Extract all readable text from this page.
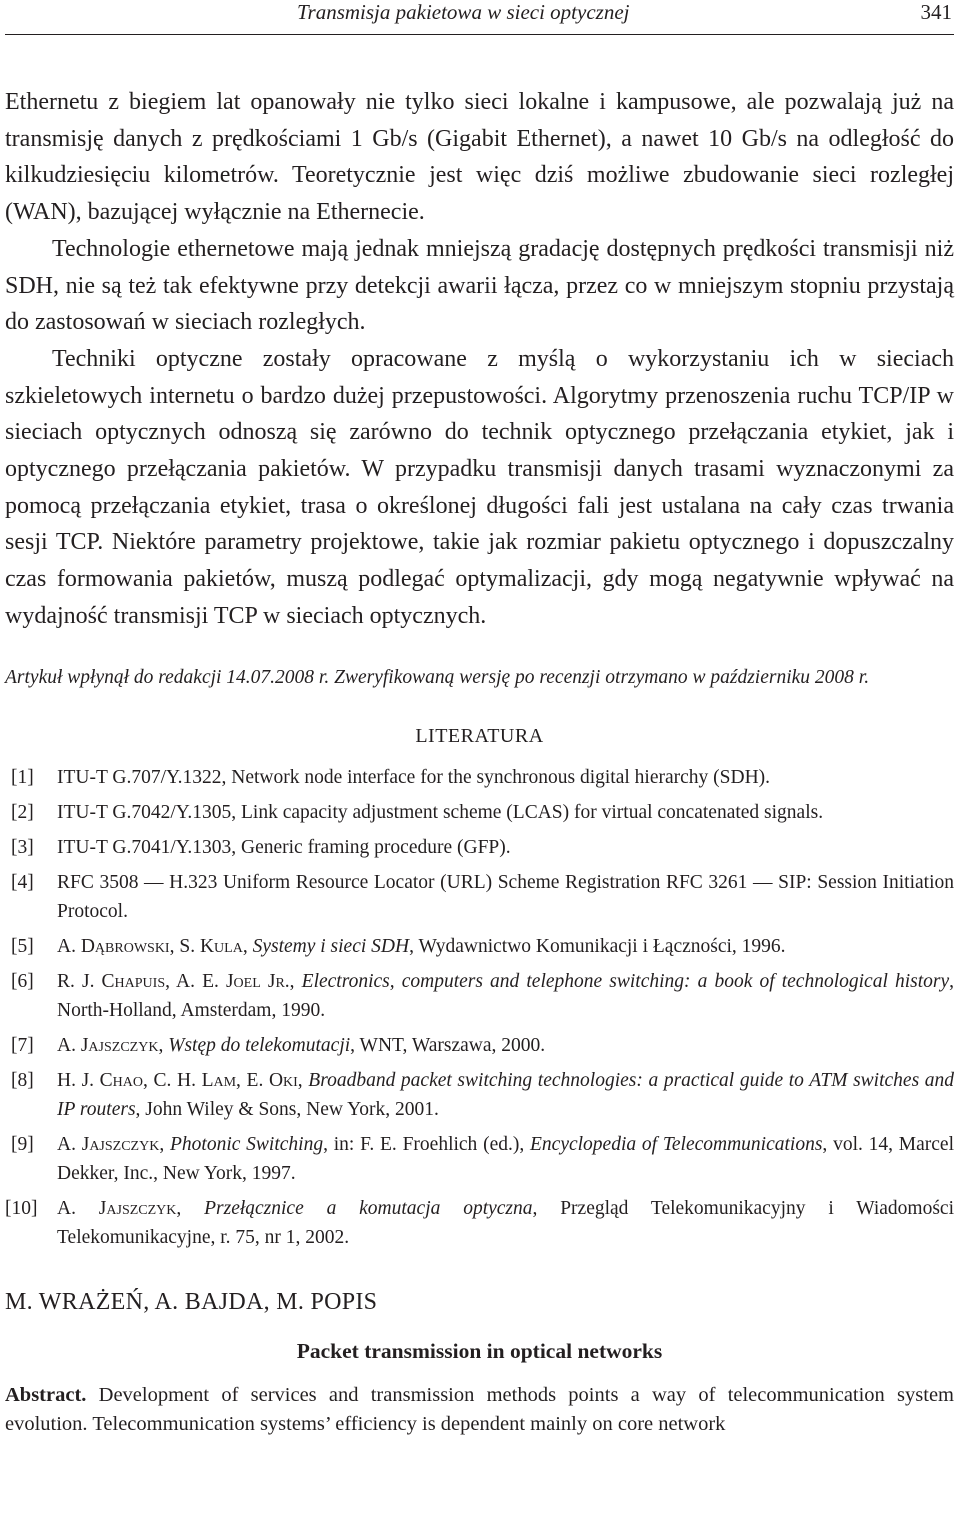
Transmisja pakietowa w sieci optycznej	341

Ethernetu z biegiem lat opanowały nie tylko sieci lokalne i kampusowe, ale pozwalają już na transmisję danych z prędkościami 1 Gb/s (Gigabit Ethernet), a nawet 10 Gb/s na odległość do kilkudziesięciu kilometrów. Teoretycznie jest więc dziś możliwe zbudowanie sieci rozległej (WAN), bazującej wyłącznie na Ethernecie.

Technologie ethernetowe mają jednak mniejszą gradację dostępnych prędkości transmisji niż SDH, nie są też tak efektywne przy detekcji awarii łącza, przez co w mniejszym stopniu przystają do zastosowań w sieciach rozległych.

Techniki optyczne zostały opracowane z myślą o wykorzystaniu ich w sieciach szkieletowych internetu o bardzo dużej przepustowości. Algorytmy przenoszenia ruchu TCP/IP w sieciach optycznych odnoszą się zarówno do technik optycznego przełączania etykiet, jak i optycznego przełączania pakietów. W przypadku transmisji danych trasami wyznaczonymi za pomocą przełączania etykiet, trasa o określonej długości fali jest ustalana na cały czas trwania sesji TCP. Niektóre parametry projektowe, takie jak rozmiar pakietu optycznego i dopuszczalny czas formowania pakietów, muszą podlegać optymalizacji, gdy mogą negatywnie wpływać na wydajność transmisji TCP w sieciach optycznych.

Artykuł wpłynął do redakcji 14.07.2008 r. Zweryfikowaną wersję po recenzji otrzymano w październiku 2008 r.
LITERATURA
[1]	ITU-T G.707/Y.1322, Network node interface for the synchronous digital hierarchy (SDH).
[2]	ITU-T G.7042/Y.1305, Link capacity adjustment scheme (LCAS) for virtual concatenated signals.
[3]	ITU-T G.7041/Y.1303, Generic framing procedure (GFP).
[4]	RFC 3508 — H.323 Uniform Resource Locator (URL) Scheme Registration RFC 3261 — SIP: Session Initiation Protocol.
[5]	A. Dąbrowski, S. Kula, Systemy i sieci SDH, Wydawnictwo Komunikacji i Łączności, 1996.
[6]	R. J. Chapuis, A. E. Joel Jr., Electronics, computers and telephone switching: a book of technological history, North-Holland, Amsterdam, 1990.
[7]	A. Jajszczyk, Wstęp do telekomutacji, WNT, Warszawa, 2000.
[8]	H. J. Chao, C. H. Lam, E. Oki, Broadband packet switching technologies: a practical guide to ATM switches and IP routers, John Wiley & Sons, New York, 2001.
[9]	A. Jajszczyk, Photonic Switching, in: F. E. Froehlich (ed.), Encyclopedia of Telecommunications, vol. 14, Marcel Dekker, Inc., New York, 1997.
[10]	A. Jajszczyk, Przełącznice a komutacja optyczna, Przegląd Telekomunikacyjny i Wiadomości Telekomunikacyjne, r. 75, nr 1, 2002.
M. WRAŻEŃ, A. BAJDA, M. POPIS
Packet transmission in optical networks
Abstract. Development of services and transmission methods points a way of telecommunication system evolution. Telecommunication systems’ efficiency is dependent mainly on core network
